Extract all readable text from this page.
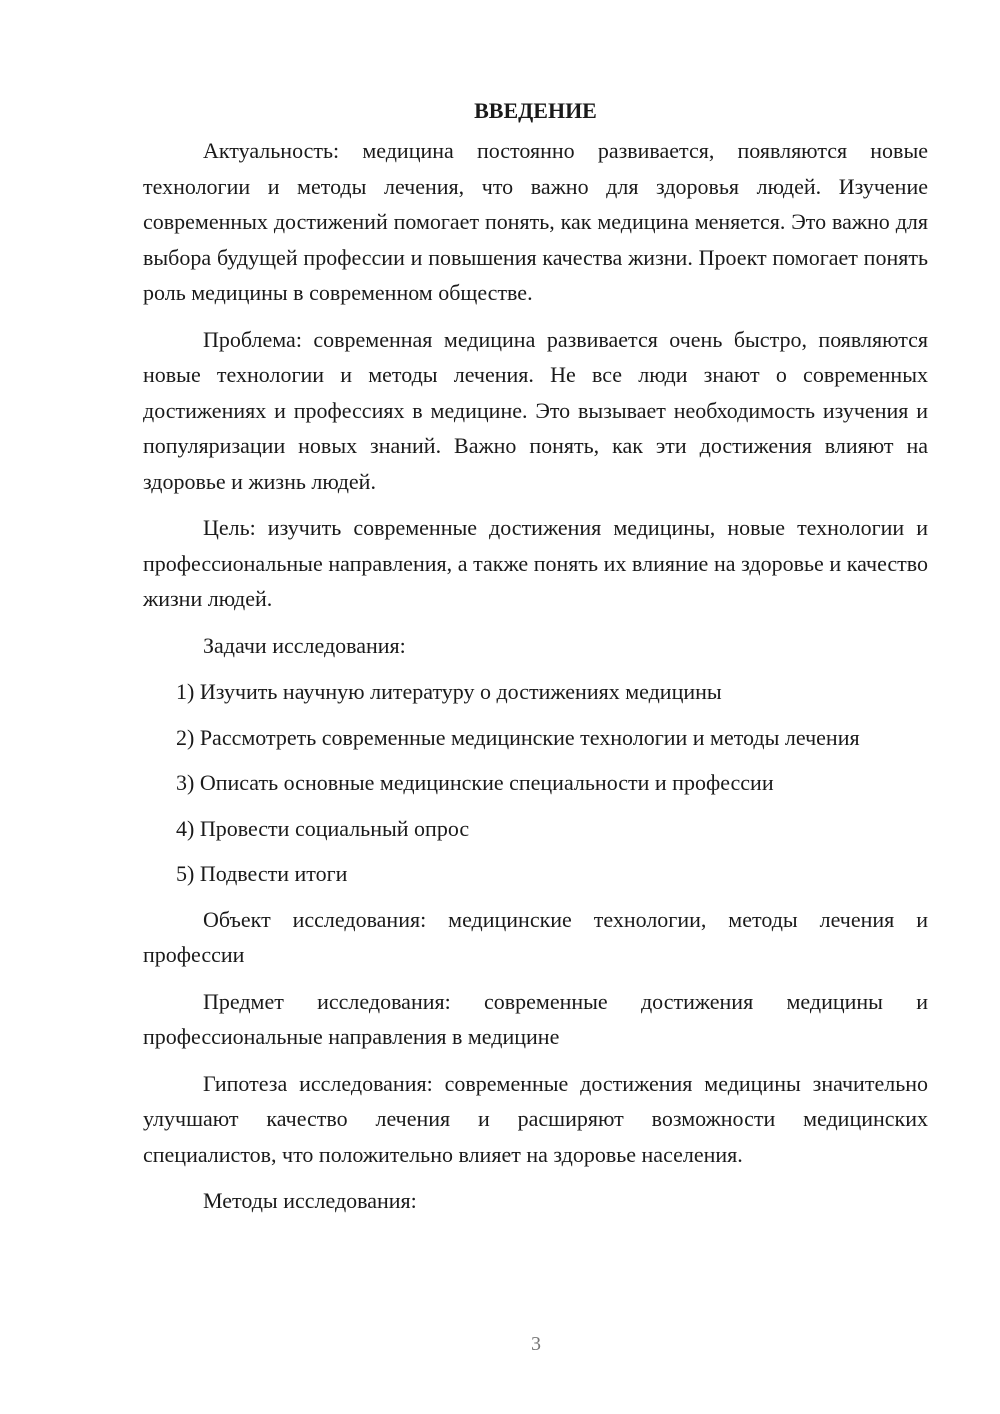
ВВЕДЕНИЕ

Актуальность: медицина постоянно развивается, появляются новые технологии и методы лечения, что важно для здоровья людей. Изучение современных достижений помогает понять, как медицина меняется. Это важно для выбора будущей профессии и повышения качества жизни. Проект помогает понять роль медицины в современном обществе.

Проблема: современная медицина развивается очень быстро, появляются новые технологии и методы лечения. Не все люди знают о современных достижениях и профессиях в медицине. Это вызывает необходимость изучения и популяризации новых знаний. Важно понять, как эти достижения влияют на здоровье и жизнь людей.

Цель: изучить современные достижения медицины, новые технологии и профессиональные направления, а также понять их влияние на здоровье и качество жизни людей.

Задачи исследования:

1) Изучить научную литературу о достижениях медицины

2) Рассмотреть современные медицинские технологии и методы лечения

3) Описать основные медицинские специальности и профессии

4) Провести социальный опрос

5) Подвести итоги

Объект исследования: медицинские технологии, методы лечения и профессии

Предмет исследования: современные достижения медицины и профессиональные направления в медицине

Гипотеза исследования: современные достижения медицины значительно улучшают качество лечения и расширяют возможности медицинских специалистов, что положительно влияет на здоровье населения.

Методы исследования:

3
